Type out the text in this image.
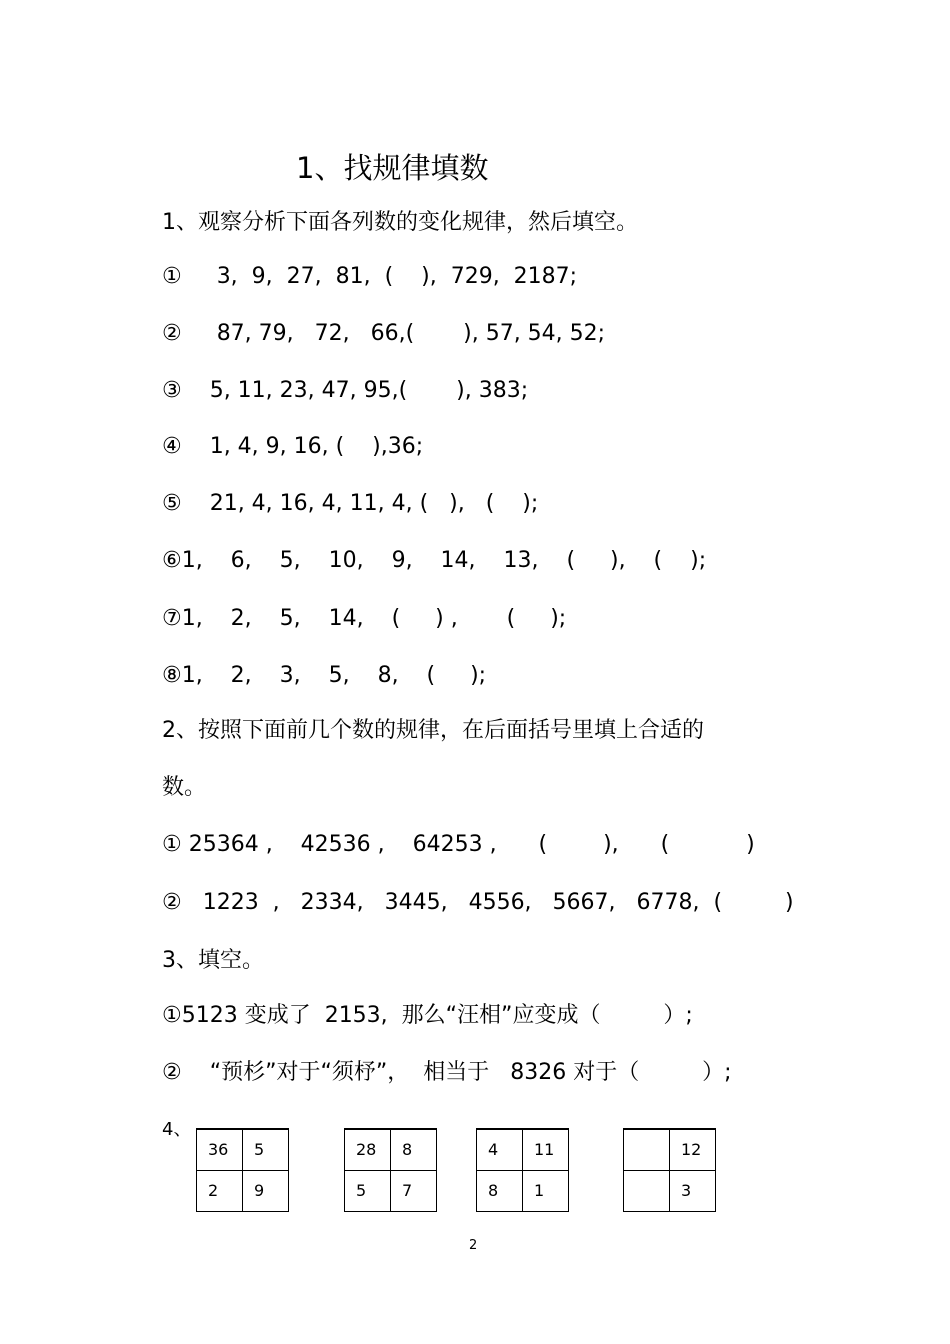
1、找规律填数
1、观察分析下面各列数的变化规律，然后填空。
①     3,  9,  27,  81,  (    ),  729,  2187;
②     87, 79,   72,   66,(       ), 57, 54, 52;
③    5, 11, 23, 47, 95,(       ), 383;
④    1, 4, 9, 16, (    ),36;
⑤    21, 4, 16, 4, 11, 4, (   ),   (    );
⑥1,    6,    5,    10,    9,    14,    13,    (     ),    (    );
⑦1,    2,    5,    14,    (     ) ,       (     );
⑧1,    2,    3,    5,    8,    (     );
2、按照下面前几个数的规律，在后面括号里填上合适的
数。
① 25364 ,    42536 ,    64253 ,      (        ),      (           )
②   1223  ,   2334,   3445,   4556,   5667,   6778,  (         )
3、填空。
①5123 变成了  2153,  那么“汪相”应变成（         ）;
②    “预杉”对于“须杼”，  相当于   8326 对于（         ）;
4、
36	5
2	9
28	8
5	7
4	11
8	1
	12
	3
2
